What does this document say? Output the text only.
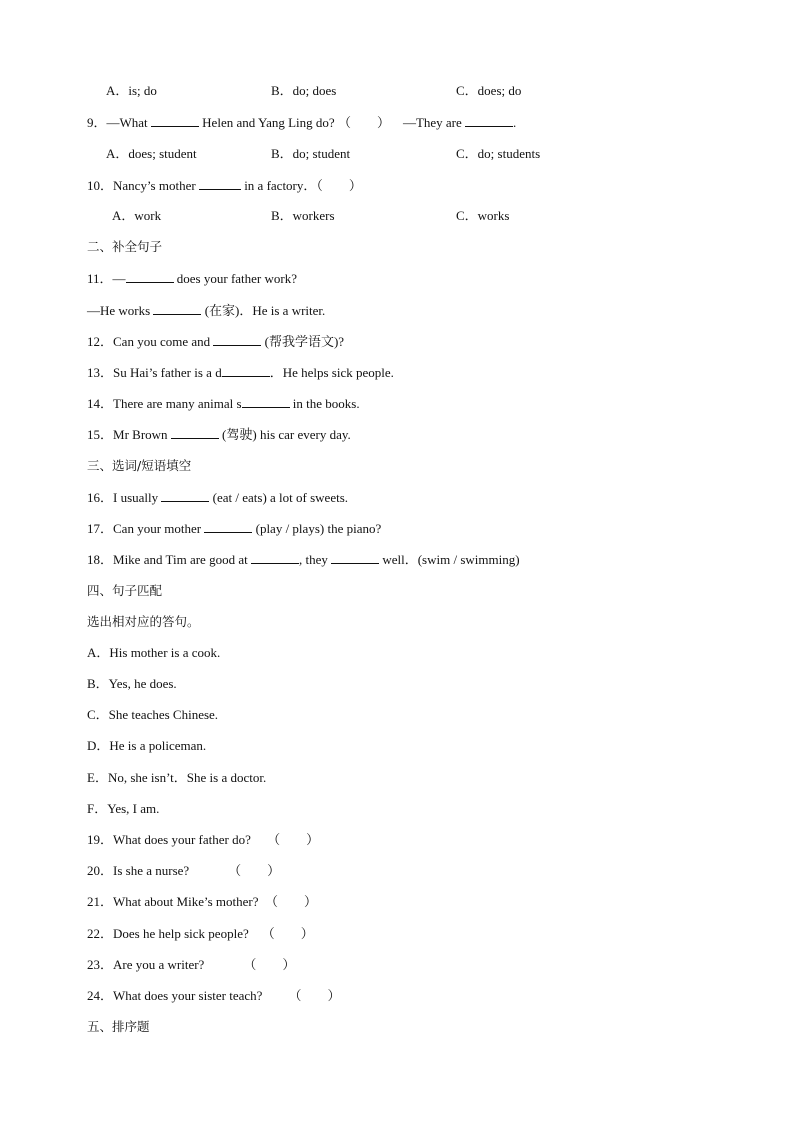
A．is; do	B．do; does	C．does; do
9．—What	Helen and Yang Ling do? （　　） —They are	.
A．does; student	B．do; student	C．do; students
10．Nancy’s mother	in a factory．（　　）
A．work	B．workers	C．works
二、补全句子
11．—	does your father work?
—He works	(在家)．He is a writer.
12．Can you come and	(帮我学语文)?
13．Su Hai’s father is a d	．He helps sick people.
14．There are many animal s	in the books.
15．Mr Brown	(驾驶) his car every day.
三、选词/短语填空
16．I usually	(eat / eats) a lot of sweets.
17．Can your mother	(play / plays) the piano?
18．Mike and Tim are good at	, they	well．(swim / swimming)
四、句子匹配
选出相对应的答句。
A．His mother is a cook.
B．Yes, he does.
C．She teaches Chinese.
D．He is a policeman.
E．No, she isn’t．She is a doctor.
F．Yes, I am.
19．What does your father do? （　　）
20．Is she a nurse?	（　　）
21．What about Mike’s mother? （　　）
22．Does he help sick people? （　　）
23．Are you a writer?	（　　）
24．What does your sister teach? （　　）
五、排序题
